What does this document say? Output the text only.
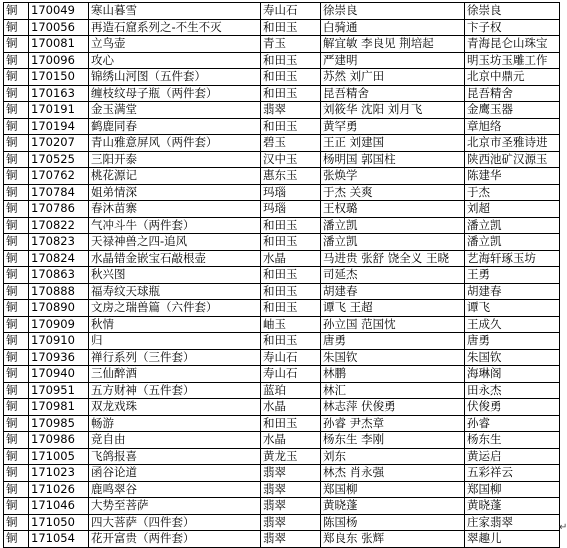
铜	170049	寒山暮雪	寿山石	徐崇良	徐崇良
铜	170056	再造石窟系列之-不生不灭	和田玉	白骑通	卞子权
铜	170081	立鸟壶	青玉	解宜敏 李良见 荆培起	青海昆仑山珠宝
铜	170096	攻心	和田玉	严建明	明玉坊玉雕工作
铜	170150	锦绣山河图（五件套）	和田玉	苏然 刘广田	北京中鼎元
铜	170163	缠枝纹母子瓶（两件套）	和田玉	昆吾精舍	昆吾精舍
铜	170191	金玉满堂	翡翠	刘筱华 沈阳 刘月飞	金鹰玉器
铜	170194	鹤鹿同春	和田玉	黄罕勇	章旭络
铜	170207	青山雅意屏风（两件套）	碧玉	王正 刘建国	北京市圣雅诗进
铜	170525	三阳开泰	汉中玉	杨明国 郭国柱	陕西池矿汉源玉
铜	170762	桃花源记	惠东玉	张焕学	陈建华
铜	170784	姐弟情深	玛瑙	于杰 关爽	于杰
铜	170786	春沐苗寨	玛瑙	王权璐	刘超
铜	170822	气冲斗牛（两件套）	和田玉	潘立凯	潘立凯
铜	170823	天禄神兽之四-追风	和田玉	潘立凯	潘立凯
铜	170824	水晶错金嵌宝石敲根壶	水晶	马进贵 张舒 饶全义 王晓	艺海轩琢玉坊
铜	170863	秋兴图	和田玉	司延杰	王勇
铜	170888	福寿纹天球瓶	和田玉	胡建春	胡建春
铜	170890	文房之瑞兽篇（六件套）	和田玉	谭飞 王超	谭飞
铜	170909	秋情	岫玉	孙立国 范国忱	王成久
铜	170910	归	和田玉	唐勇	唐勇
铜	170936	禅行系列（三件套）	寿山石	朱国钦	朱国钦
铜	170940	三仙醉酒	寿山石	林鹏	海琳阁
铜	170951	五方财神（五件套）	蓝珀	林汇	田永杰
铜	170981	双龙戏珠	水晶	林志萍 伏俊勇	伏俊勇
铜	170985	畅游	和田玉	孙睿 尹杰章	孙睿
铜	170986	竞自由	水晶	杨东生 李刚	杨东生
铜	171005	飞鸽报喜	黄龙玉	刘东	黄运启
铜	171023	函谷论道	翡翠	林杰 肖永强	五彩祥云
铜	171026	鹿鸣翠谷	翡翠	郑国柳	郑国柳
铜	171046	大势至菩萨	翡翠	黄晓蓬	黄晓蓬
铜	171050	四大菩萨（四件套）	翡翠	陈国杨	庄家翡翠
铜	171054	花开富贵（两件套）	翡翠	郑良东 张辉	翠趣儿
↵
